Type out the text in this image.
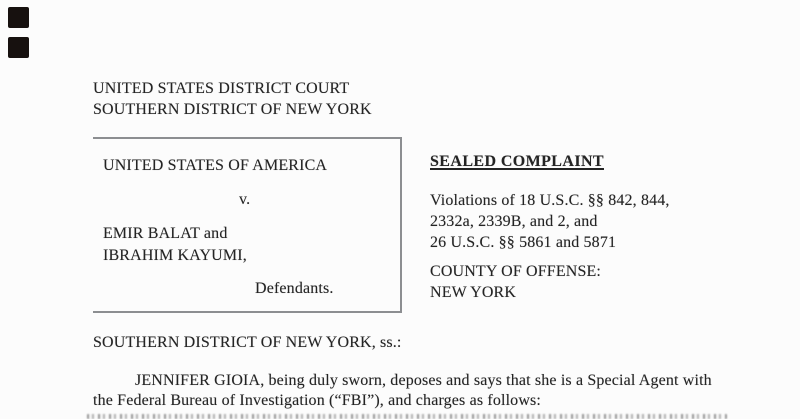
UNITED STATES DISTRICT COURT
SOUTHERN DISTRICT OF NEW YORK
UNITED STATES OF AMERICA
v.
EMIR BALAT and
IBRAHIM KAYUMI,
Defendants.
SEALED COMPLAINT
Violations of 18 U.S.C. §§ 842, 844,
2332a, 2339B, and 2, and
26 U.S.C. §§ 5861 and 5871
COUNTY OF OFFENSE:
NEW YORK
SOUTHERN DISTRICT OF NEW YORK, ss.:
JENNIFER GIOIA, being duly sworn, deposes and says that she is a Special Agent with
the Federal Bureau of Investigation (“FBI”), and charges as follows:
